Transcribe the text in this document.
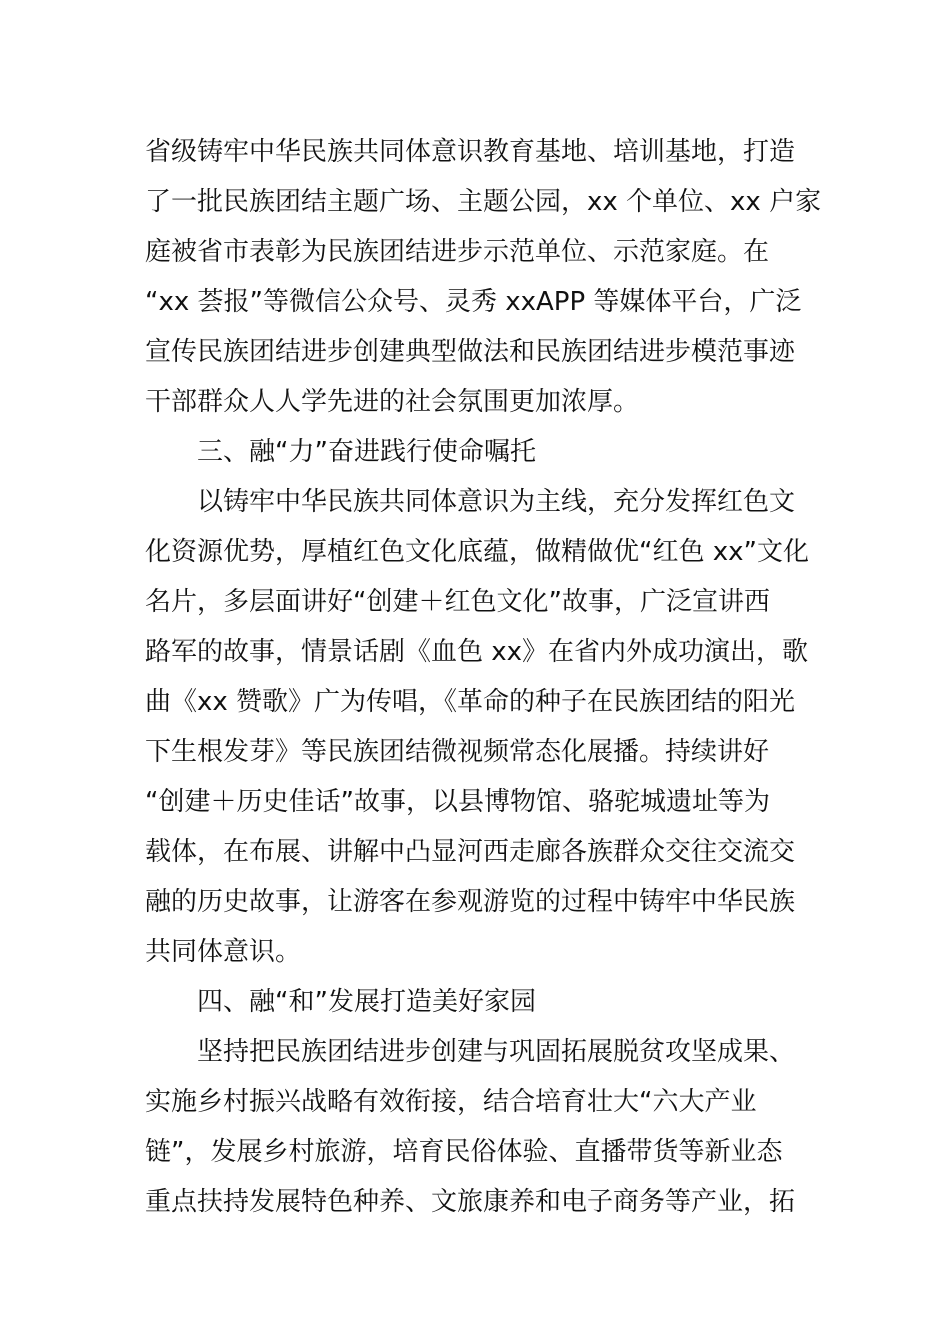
省级铸牢中华民族共同体意识教育基地、培训基地，打造
了一批民族团结主题广场、主题公园，xx 个单位、xx 户家
庭被省市表彰为民族团结进步示范单位、示范家庭。在
“xx 荟报”等微信公众号、灵秀 xxAPP 等媒体平台，广泛
宣传民族团结进步创建典型做法和民族团结进步模范事迹
干部群众人人学先进的社会氛围更加浓厚。
三、融“力”奋进践行使命嘱托
以铸牢中华民族共同体意识为主线，充分发挥红色文
化资源优势，厚植红色文化底蕴，做精做优“红色 xx”文化
名片，多层面讲好“创建＋红色文化”故事，广泛宣讲西
路军的故事，情景话剧《血色 xx》在省内外成功演出，歌
曲《xx 赞歌》广为传唱，《革命的种子在民族团结的阳光
下生根发芽》等民族团结微视频常态化展播。持续讲好
“创建＋历史佳话”故事，以县博物馆、骆驼城遗址等为
载体，在布展、讲解中凸显河西走廊各族群众交往交流交
融的历史故事，让游客在参观游览的过程中铸牢中华民族
共同体意识。
四、融“和”发展打造美好家园
坚持把民族团结进步创建与巩固拓展脱贫攻坚成果、
实施乡村振兴战略有效衔接，结合培育壮大“六大产业
链”，发展乡村旅游，培育民俗体验、直播带货等新业态
重点扶持发展特色种养、文旅康养和电子商务等产业，拓
